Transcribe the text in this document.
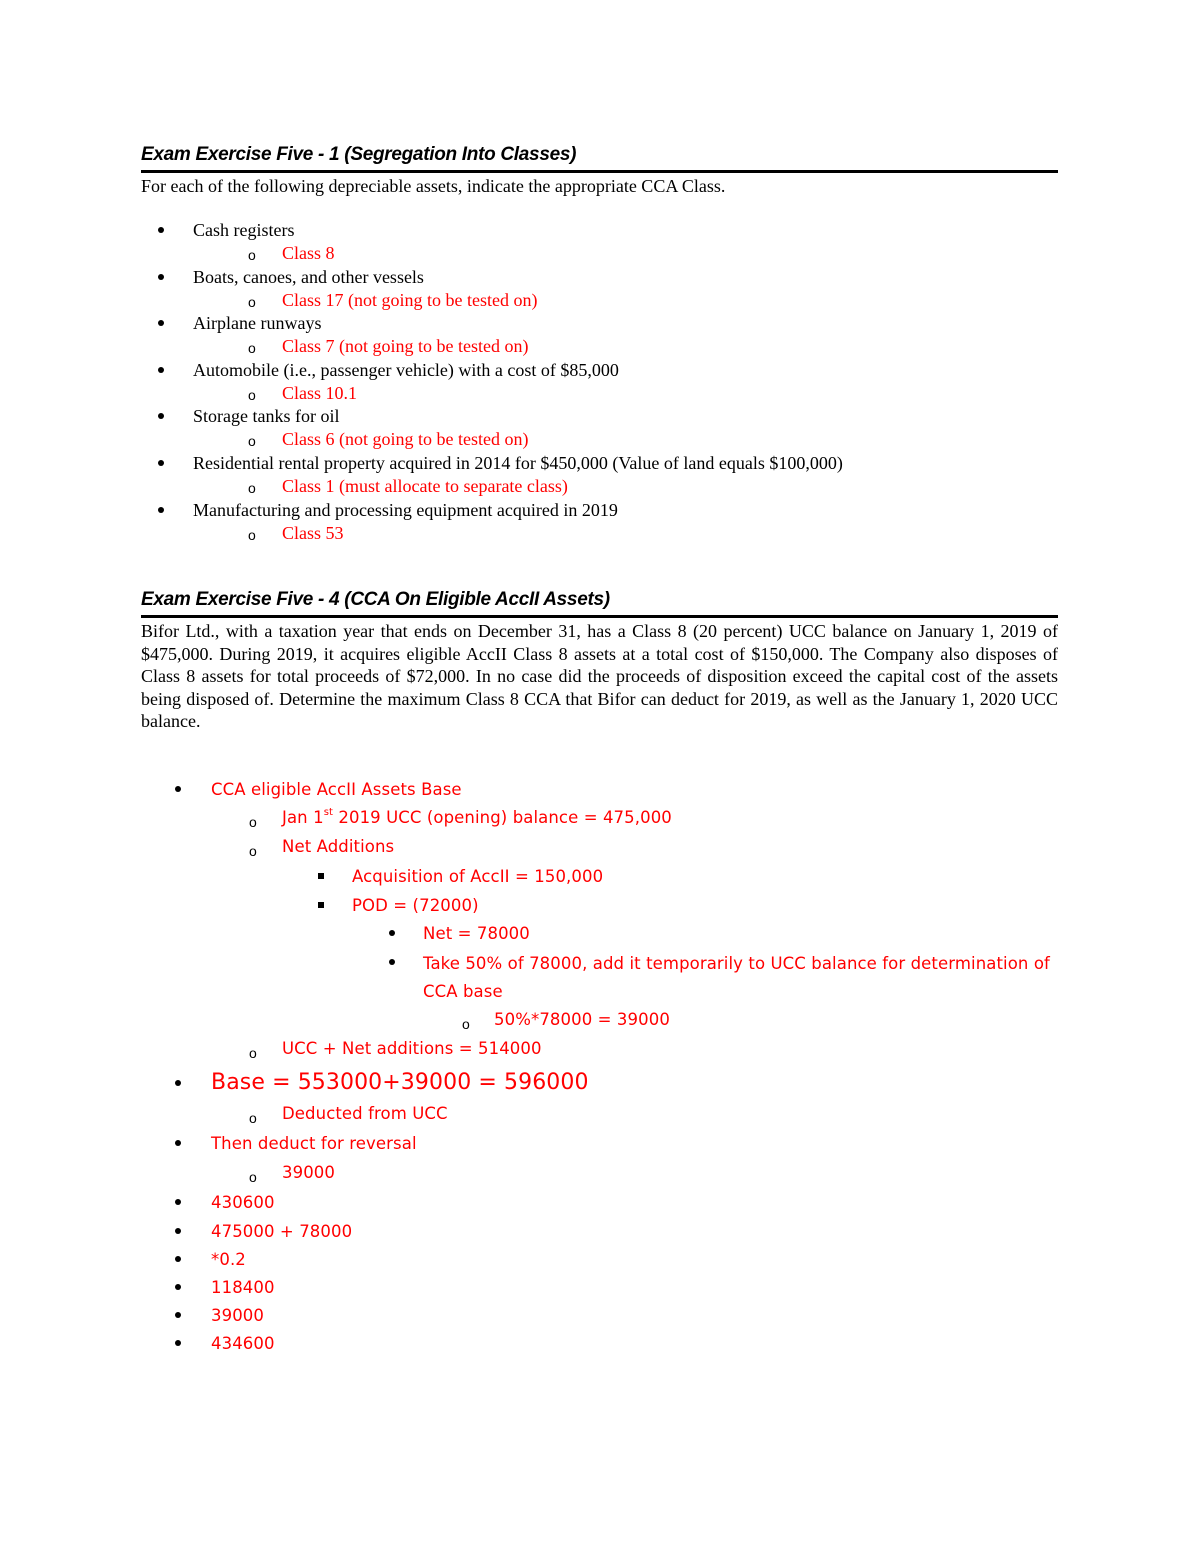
Exam Exercise Five - 1 (Segregation Into Classes)
For each of the following depreciable assets, indicate the appropriate CCA Class.
Cash registers
o Class 8
Boats, canoes, and other vessels
o Class 17 (not going to be tested on)
Airplane runways
o Class 7 (not going to be tested on)
Automobile (i.e., passenger vehicle) with a cost of $85,000
o Class 10.1
Storage tanks for oil
o Class 6 (not going to be tested on)
Residential rental property acquired in 2014 for $450,000 (Value of land equals $100,000)
o Class 1 (must allocate to separate class)
Manufacturing and processing equipment acquired in 2019
o Class 53
Exam Exercise Five - 4 (CCA On Eligible AccII Assets)
Bifor Ltd., with a taxation year that ends on December 31, has a Class 8 (20 percent) UCC balance on January 1, 2019 of $475,000. During 2019, it acquires eligible AccII Class 8 assets at a total cost of $150,000. The Company also disposes of Class 8 assets for total proceeds of $72,000. In no case did the proceeds of disposition exceed the capital cost of the assets being disposed of. Determine the maximum Class 8 CCA that Bifor can deduct for 2019, as well as the January 1, 2020 UCC balance.
CCA eligible AccII Assets Base
o Jan 1st 2019 UCC (opening) balance = 475,000
o Net Additions
Acquisition of AccII = 150,000
POD = (72000)
Net = 78000
Take 50% of 78000, add it temporarily to UCC balance for determination of CCA base
o 50%*78000 = 39000
o UCC + Net additions = 514000
Base = 553000+39000 = 596000
o Deducted from UCC
Then deduct for reversal
o 39000
430600
475000 + 78000
*0.2
118400
39000
434600
